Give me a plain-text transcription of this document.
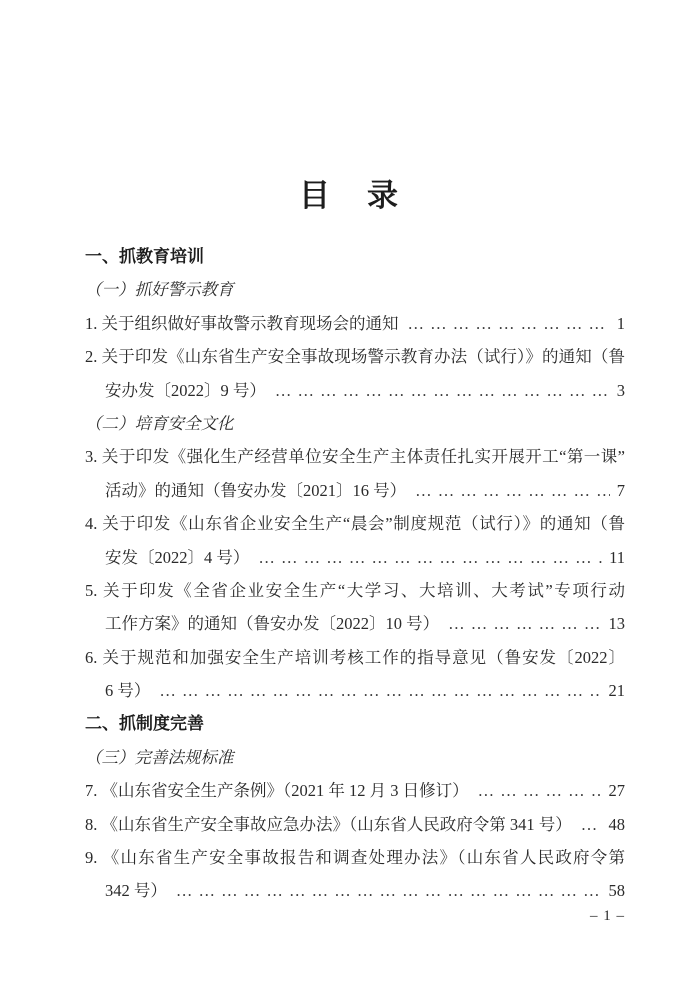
目　录
一、抓教育培训
（一）抓好警示教育
1. 关于组织做好事故警示教育现场会的通知 … … … … … … … … … … … … … … … … … … … … … … … … … … … … … … … … … …	1
2. 关于印发《山东省生产安全事故现场警示教育办法（试行）》的通知（鲁
安办发〔2022〕9 号） … … … … … … … … … … … … … … … … … … … … … … … … … … … … … … … … … …	3
（二）培育安全文化
3. 关于印发《强化生产经营单位安全生产主体责任扎实开展开工“第一课”
活动》的通知（鲁安办发〔2021〕16 号） … … … … … … … … … … … … … … … … … … … … … … … … … … … … … … … … … …	7
4. 关于印发《山东省企业安全生产“晨会”制度规范（试行）》的通知（鲁
安发〔2022〕4 号） … … … … … … … … … … … … … … … … … … … … … … … … … … … … … … … … … …	11
5. 关于印发《全省企业安全生产“大学习、大培训、大考试”专项行动
工作方案》的通知（鲁安办发〔2022〕10 号） … … … … … … … … … … … … … … … … … … … … … … … … … … … … … … … … … …	13
6. 关于规范和加强安全生产培训考核工作的指导意见（鲁安发〔2022〕
6 号） … … … … … … … … … … … … … … … … … … … … … … … … … … … … … … … … … …	21
二、抓制度完善
（三）完善法规标准
7. 《山东省安全生产条例》（2021 年 12 月 3 日修订） … … … … … … … … … … … … … … … … … … … … … … … … … … … … … … … … … …	27
8. 《山东省生产安全事故应急办法》（山东省人民政府令第 341 号） … … … … … … … … … … … … … … … … … … … … … … … … … … … … … … … … … …	48
9. 《山东省生产安全事故报告和调查处理办法》（山东省人民政府令第
342 号） … … … … … … … … … … … … … … … … … … … … … … … … … … … … … … … … … …	58
– 1 –
